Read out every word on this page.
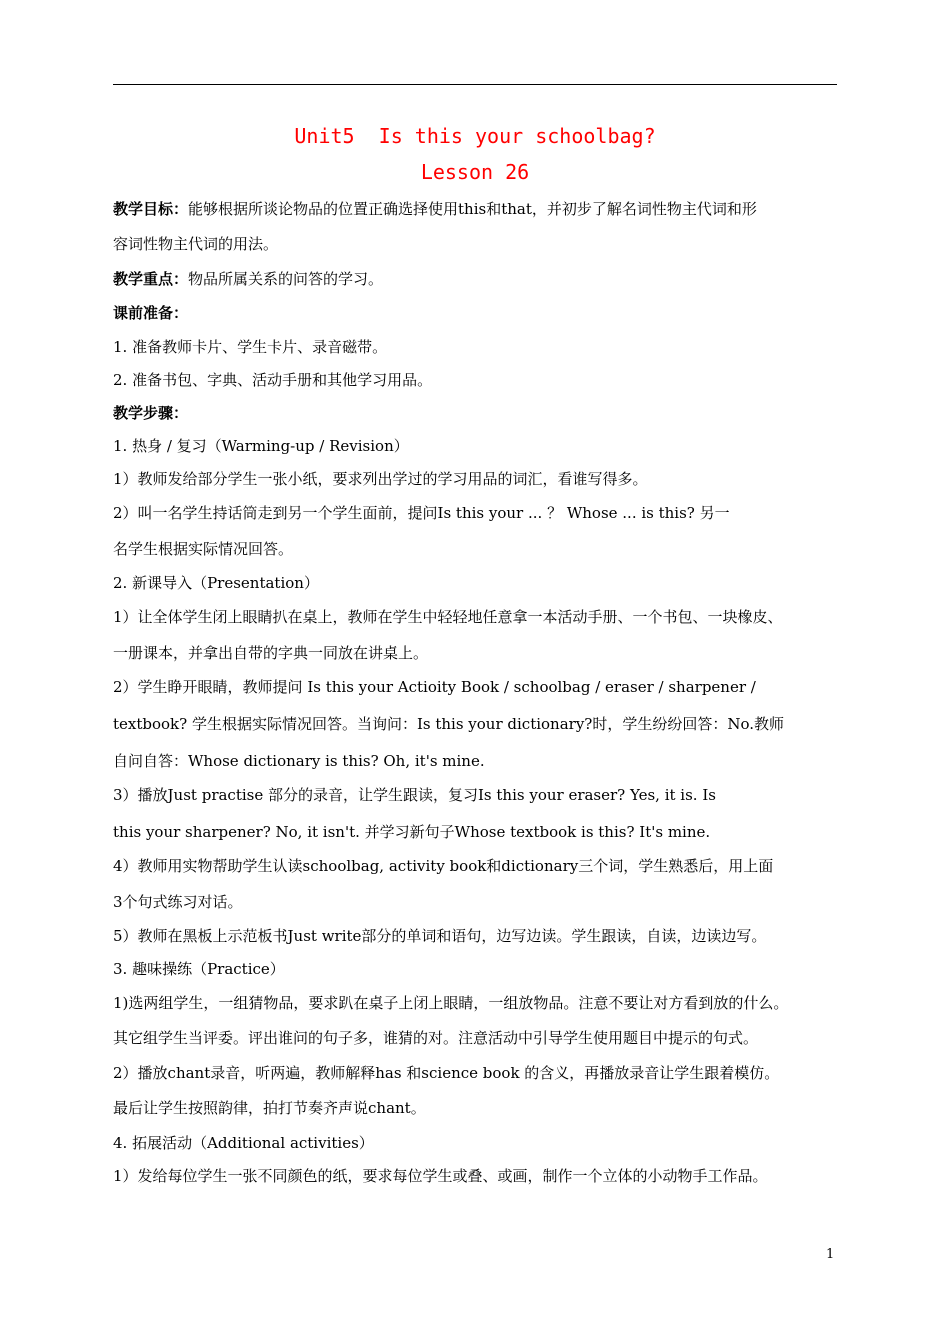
Unit5  Is this your schoolbag?
Lesson 26
教学目标：能够根据所谈论物品的位置正确选择使用this和that，并初步了解名词性物主代词和形
容词性物主代词的用法。
教学重点：物品所属关系的问答的学习。
课前准备：
1. 准备教师卡片、学生卡片、录音磁带。
2. 准备书包、字典、活动手册和其他学习用品。
教学步骤：
1. 热身 / 复习（Warming-up / Revision）
1）教师发给部分学生一张小纸，要求列出学过的学习用品的词汇，看谁写得多。
2）叫一名学生持话筒走到另一个学生面前，提问Is this your ... ？ Whose ... is this? 另一
名学生根据实际情况回答。
2. 新课导入（Presentation）
1）让全体学生闭上眼睛扒在桌上，教师在学生中轻轻地任意拿一本活动手册、一个书包、一块橡皮、
一册课本，并拿出自带的字典一同放在讲桌上。
2）学生睁开眼睛，教师提问 Is this your Actioity Book / schoolbag / eraser / sharpener /
textbook? 学生根据实际情况回答。当询问：Is this your dictionary?时，学生纷纷回答：No.教师
自问自答：Whose dictionary is this? Oh, it's mine.
3）播放Just practise 部分的录音，让学生跟读，复习Is this your eraser? Yes, it is. Is
this your sharpener? No, it isn't. 并学习新句子Whose textbook is this? It's mine.
4）教师用实物帮助学生认读schoolbag, activity book和dictionary三个词，学生熟悉后，用上面
3个句式练习对话。
5）教师在黑板上示范板书Just write部分的单词和语句，边写边读。学生跟读，自读，边读边写。
3. 趣味操练（Practice）
1)选两组学生，一组猜物品，要求趴在桌子上闭上眼睛，一组放物品。注意不要让对方看到放的什么。
其它组学生当评委。评出谁问的句子多，谁猜的对。注意活动中引导学生使用题目中提示的句式。
2）播放chant录音，听两遍，教师解释has 和science book 的含义，再播放录音让学生跟着模仿。
最后让学生按照韵律，拍打节奏齐声说chant。
4. 拓展活动（Additional activities）
1）发给每位学生一张不同颜色的纸，要求每位学生或叠、或画，制作一个立体的小动物手工作品。
1
